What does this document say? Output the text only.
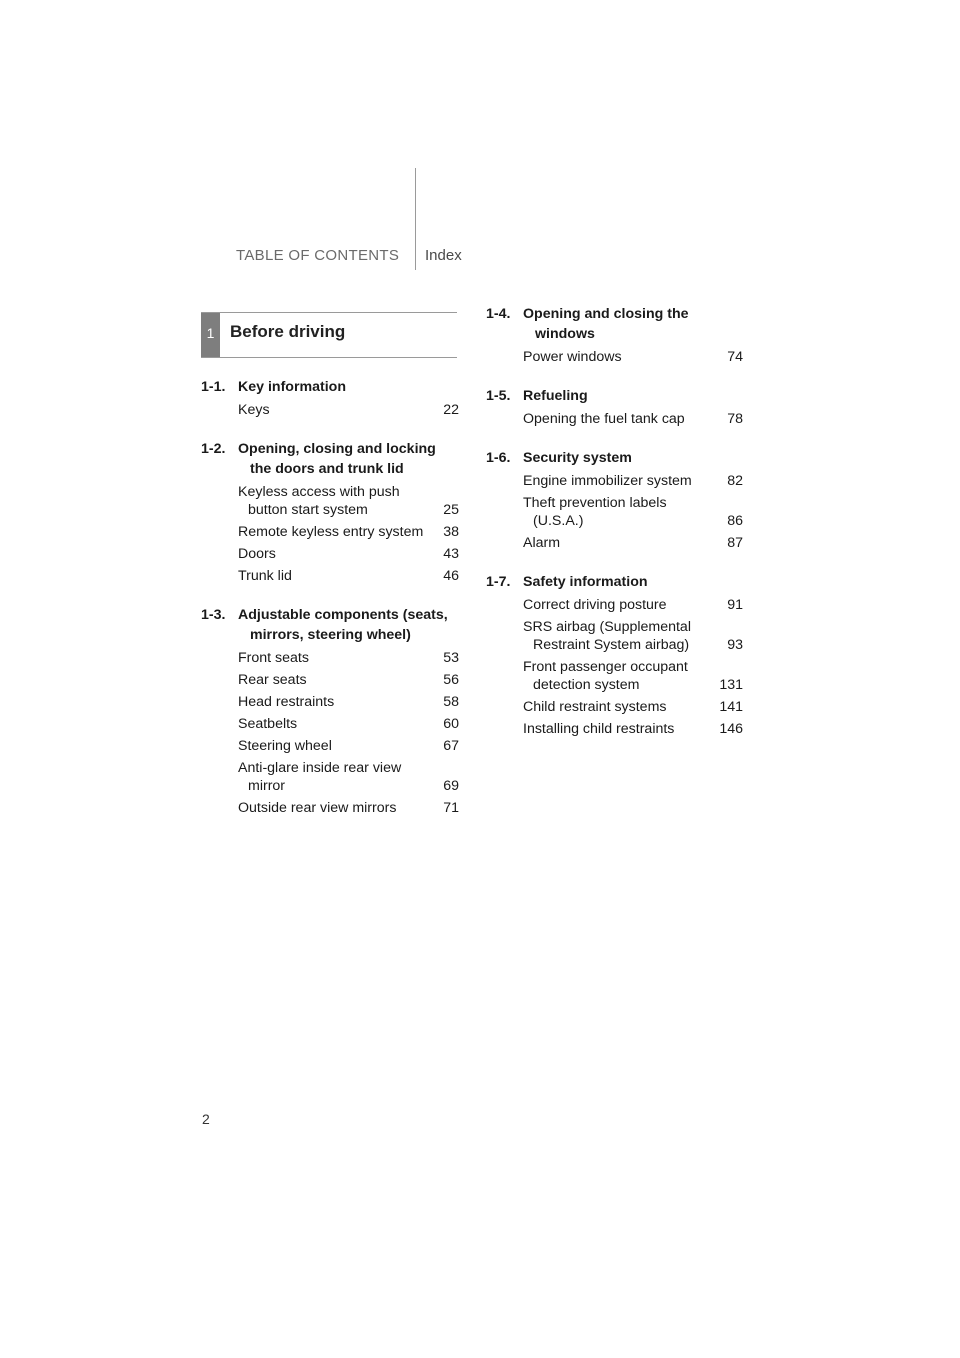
TABLE OF CONTENTS Index
1 Before driving
1-1. Key information
Keys .....	22
1-2. Opening, closing and locking the doors and trunk lid
Keyless access with push button start system .....	25
Remote keyless entry system .....	38
Doors .....	43
Trunk lid .....	46
1-3. Adjustable components (seats, mirrors, steering wheel)
Front seats .....	53
Rear seats .....	56
Head restraints .....	58
Seatbelts .....	60
Steering wheel .....	67
Anti-glare inside rear view mirror .....	69
Outside rear view mirrors .....	71
1-4. Opening and closing the windows
Power windows .....	74
1-5. Refueling
Opening the fuel tank cap .....	78
1-6. Security system
Engine immobilizer system .....	82
Theft prevention labels (U.S.A.) .....	86
Alarm .....	87
1-7. Safety information
Correct driving posture .....	91
SRS airbag (Supplemental Restraint System airbag) .....	93
Front passenger occupant detection system .....	131
Child restraint systems .....	141
Installing child restraints .....	146
2
